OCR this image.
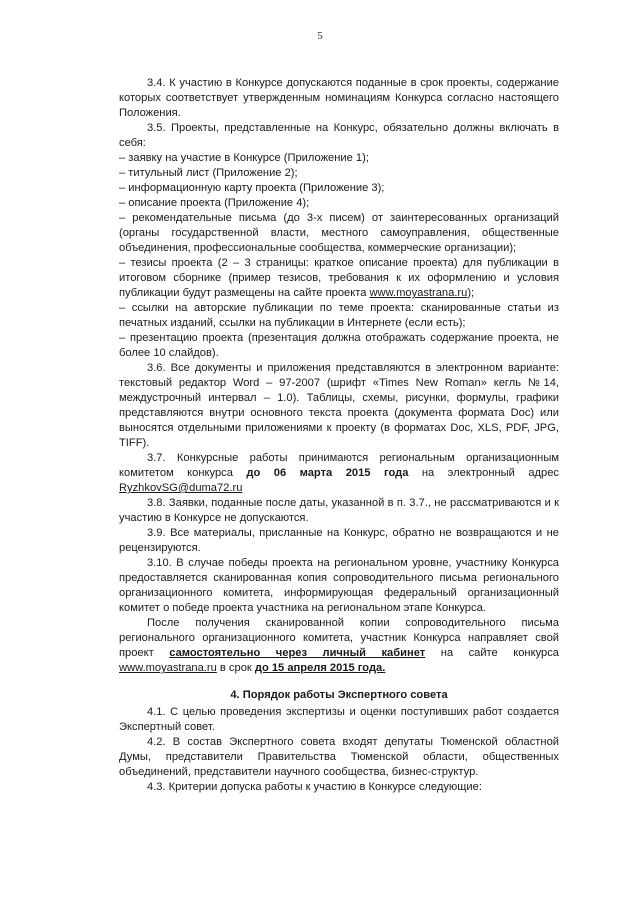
5

3.4. К участию в Конкурсе допускаются поданные в срок проекты, содержание которых соответствует утвержденным номинациям Конкурса согласно настоящего Положения.

3.5. Проекты, представленные на Конкурс, обязательно должны включать в себя:

– заявку на участие в Конкурсе (Приложение 1);

– титульный лист (Приложение 2);

– информационную карту проекта (Приложение 3);

– описание проекта (Приложение 4);

– рекомендательные письма (до 3-х писем) от заинтересованных организаций (органы государственной власти, местного самоуправления, общественные объединения, профессиональные сообщества, коммерческие организации);

– тезисы проекта (2 – 3 страницы: краткое описание проекта) для публикации в итоговом сборнике (пример тезисов, требования к их оформлению и условия публикации будут размещены на сайте проекта www.moyastrana.ru);

– ссылки на авторские публикации по теме проекта: сканированные статьи из печатных изданий, ссылки на публикации в Интернете (если есть);

– презентацию проекта (презентация должна отображать содержание проекта, не более 10 слайдов).

3.6. Все документы и приложения представляются в электронном варианте: текстовый редактор Word – 97-2007 (шрифт «Times New Roman» кегль №14, междустрочный интервал – 1.0). Таблицы, схемы, рисунки, формулы, графики представляются внутри основного текста проекта (документа формата Doc) или выносятся отдельными приложениями к проекту (в форматах Doc, XLS, PDF, JPG, TIFF).

3.7. Конкурсные работы принимаются региональным организационным комитетом конкурса до 06 марта 2015 года на электронный адрес RyzhkovSG@duma72.ru

3.8. Заявки, поданные после даты, указанной в п. 3.7., не рассматриваются и к участию в Конкурсе не допускаются.

3.9. Все материалы, присланные на Конкурс, обратно не возвращаются и не рецензируются.

3.10. В случае победы проекта на региональном уровне, участнику Конкурса предоставляется сканированная копия сопроводительного письма регионального организационного комитета, информирующая федеральный организационный комитет о победе проекта участника на региональном этапе Конкурса.

После получения сканированной копии сопроводительного письма регионального организационного комитета, участник Конкурса направляет свой проект самостоятельно через личный кабинет на сайте конкурса www.moyastrana.ru в срок до 15 апреля 2015 года.

4. Порядок работы Экспертного совета

4.1. С целью проведения экспертизы и оценки поступивших работ создается Экспертный совет.

4.2. В состав Экспертного совета входят депутаты Тюменской областной Думы, представители Правительства Тюменской области, общественных объединений, представители научного сообщества, бизнес-структур.

4.3. Критерии допуска работы к участию в Конкурсе следующие:
